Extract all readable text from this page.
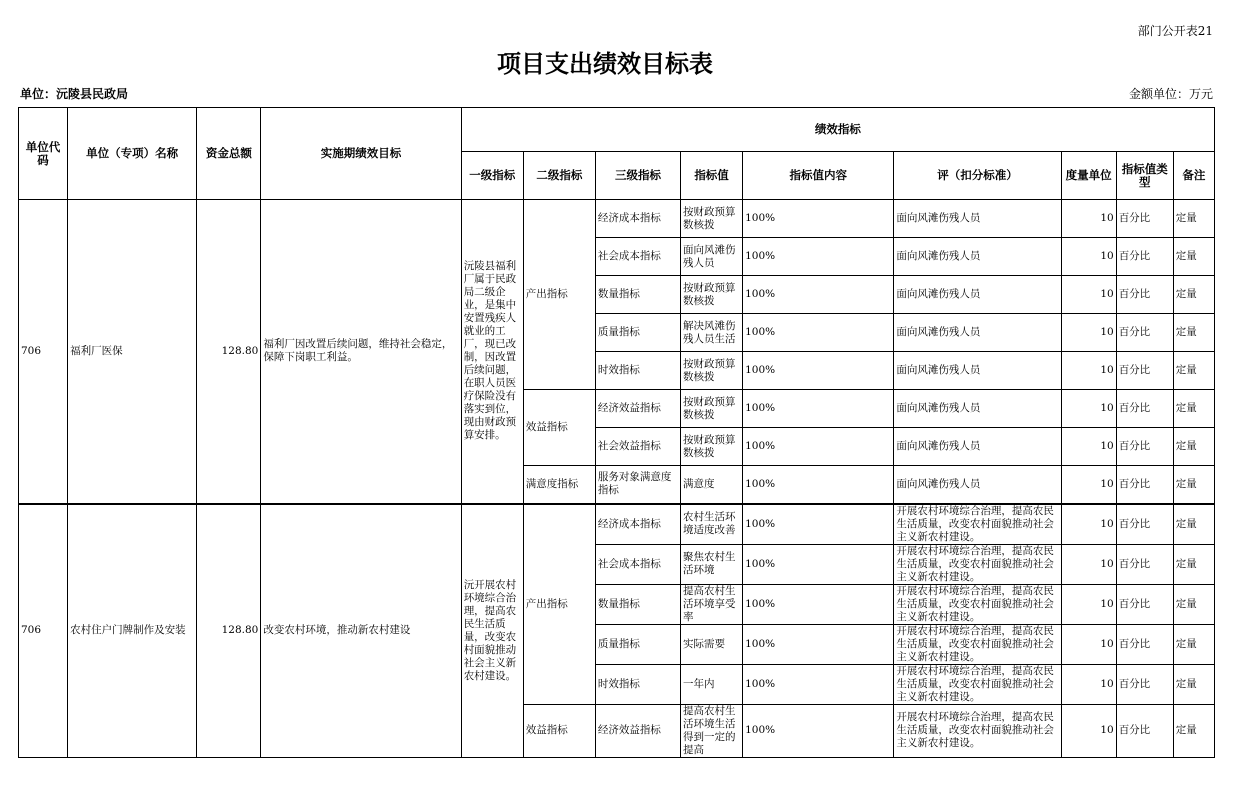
部门公开表21
项目支出绩效目标表
单位：沅陵县民政局	金额单位：万元
单位代码	单位（专项）名称	资金总额	实施期绩效目标	绩效指标								
				一级指标	二级指标	三级指标	指标值	指标值内容	评（扣分标准）	度量单位	指标值类型	备注
706	福利厂医保	128.80	福利厂因改置后续问题，维持社会稳定，保障下岗职工利益。	沅陵县福利厂属于民政局二级企业，是集中安置残疾人就业的工厂，现已改制，因改置后续问题，在职人员医疗保险没有落实到位，现由财政预算安排。	产出指标	经济成本指标	按财政预算数核拨	100%	面向风滩伤残人员	10	百分比	定量
						社会成本指标	面向风滩伤残人员	100%	面向风滩伤残人员	10	百分比	定量
						数量指标	按财政预算数核拨	100%	面向风滩伤残人员	10	百分比	定量
						质量指标	解决风滩伤残人员生活	100%	面向风滩伤残人员	10	百分比	定量
						时效指标	按财政预算数核拨	100%	面向风滩伤残人员	10	百分比	定量
					效益指标	经济效益指标	按财政预算数核拨	100%	面向风滩伤残人员	10	百分比	定量
						社会效益指标	按财政预算数核拨	100%	面向风滩伤残人员	10	百分比	定量
					满意度指标	服务对象满意度指标	满意度	100%	面向风滩伤残人员	10	百分比	定量
706	农村住户门牌制作及安装	128.80	改变农村环境，推动新农村建设	沅开展农村环境综合治理，提高农民生活质量，改变农村面貌推动社会主义新农村建设。	产出指标	经济成本指标	农村生活环境适度改善	100%	开展农村环境综合治理，提高农民生活质量，改变农村面貌推动社会主义新农村建设。	10	百分比	定量
						社会成本指标	聚焦农村生活环境	100%	开展农村环境综合治理，提高农民生活质量，改变农村面貌推动社会主义新农村建设。	10	百分比	定量
						数量指标	提高农村生活环境享受率	100%	开展农村环境综合治理，提高农民生活质量，改变农村面貌推动社会主义新农村建设。	10	百分比	定量
						质量指标	实际需要	100%	开展农村环境综合治理，提高农民生活质量，改变农村面貌推动社会主义新农村建设。	10	百分比	定量
						时效指标	一年内	100%	开展农村环境综合治理，提高农民生活质量，改变农村面貌推动社会主义新农村建设。	10	百分比	定量
					效益指标	经济效益指标	提高农村生活环境生活得到一定的提高	100%	开展农村环境综合治理，提高农民生活质量，改变农村面貌推动社会主义新农村建设。	10	百分比	定量
